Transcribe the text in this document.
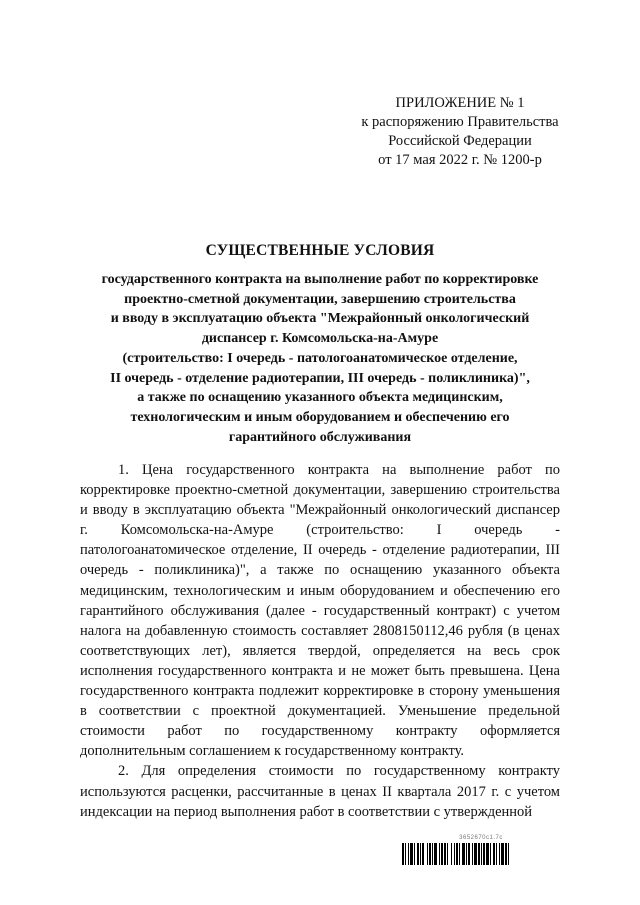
ПРИЛОЖЕНИЕ № 1
к распоряжению Правительства
Российской Федерации
от 17 мая 2022 г. № 1200-р
СУЩЕСТВЕННЫЕ УСЛОВИЯ
государственного контракта на выполнение работ по корректировке
проектно-сметной документации, завершению строительства
и вводу в эксплуатацию объекта "Межрайонный онкологический
диспансер г. Комсомольска-на-Амуре
(строительство: I очередь - патологоанатомическое отделение,
II очередь - отделение радиотерапии, III очередь - поликлиника)",
а также по оснащению указанного объекта медицинским,
технологическим и иным оборудованием и обеспечению его
гарантийного обслуживания

1. Цена государственного контракта на выполнение работ по корректировке проектно-сметной документации, завершению строительства и вводу в эксплуатацию объекта "Межрайонный онкологический диспансер г. Комсомольска-на-Амуре (строительство: I очередь - патологоанатомическое отделение, II очередь - отделение радиотерапии, III очередь - поликлиника)", а также по оснащению указанного объекта медицинским, технологическим и иным оборудованием и обеспечению его гарантийного обслуживания (далее - государственный контракт) с учетом налога на добавленную стоимость составляет 2808150112,46 рубля (в ценах соответствующих лет), является твердой, определяется на весь срок исполнения государственного контракта и не может быть превышена. Цена государственного контракта подлежит корректировке в сторону уменьшения в соответствии с проектной документацией. Уменьшение предельной стоимости работ по государственному контракту оформляется дополнительным соглашением к государственному контракту.

2. Для определения стоимости по государственному контракту используются расценки, рассчитанные в ценах II квартала 2017 г. с учетом индексации на период выполнения работ в соответствии с утвержденной

3652670с1.7с
